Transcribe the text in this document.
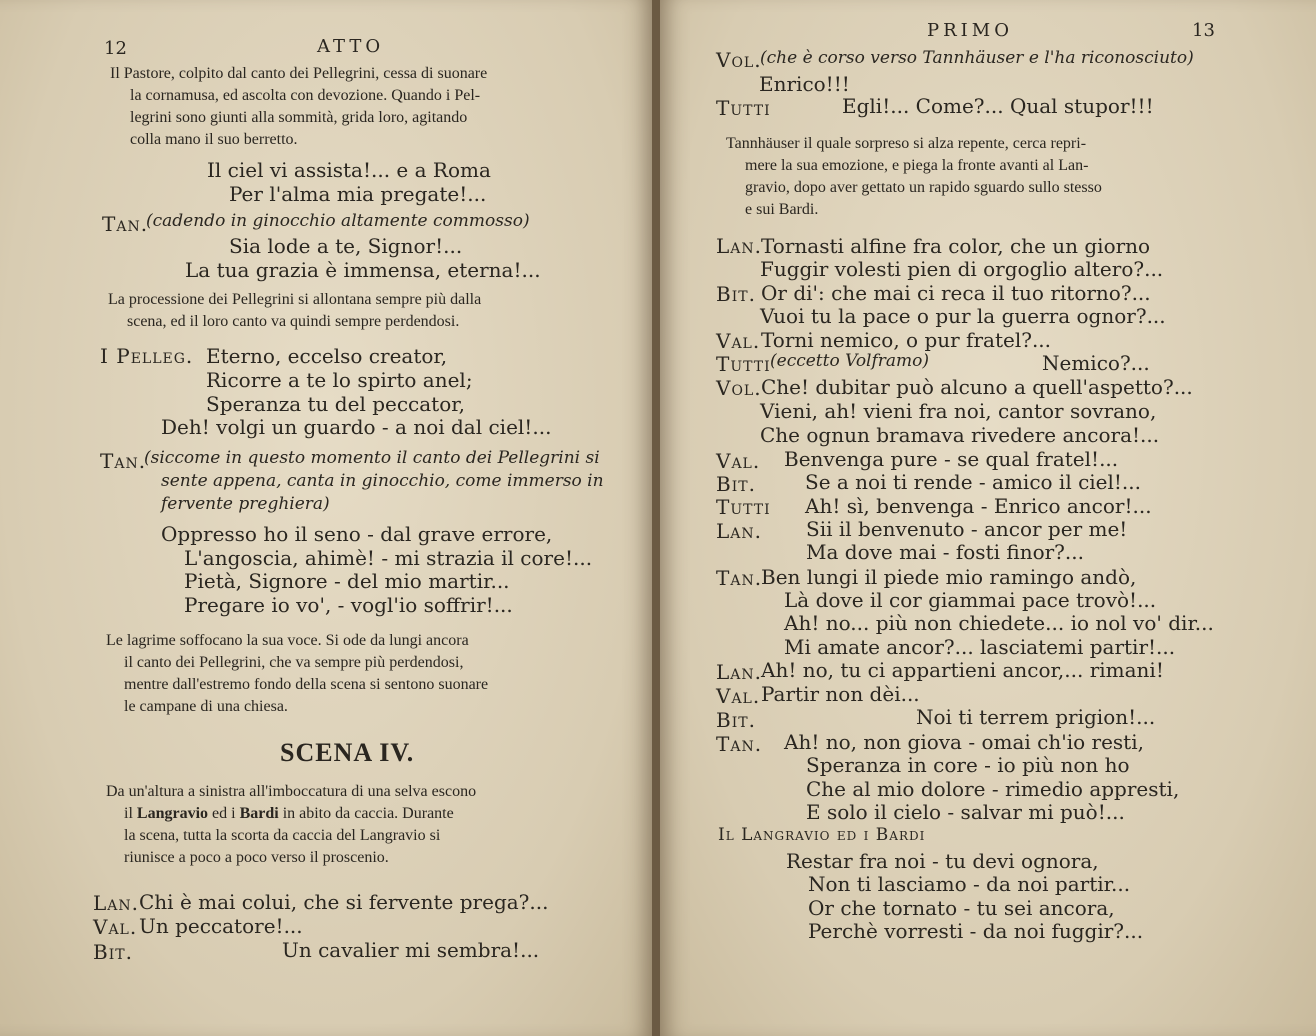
12	ATTO
Il Pastore, colpito dal canto dei Pellegrini, cessa di suonare
la cornamusa, ed ascolta con devozione. Quando i Pel-
legrini sono giunti alla sommità, grida loro, agitando
colla mano il suo berretto.
Il ciel vi assista!... e a Roma
Per l'alma mia pregate!...
Tan.
(cadendo in ginocchio altamente commosso)
Sia lode a te, Signor!...
La tua grazia è immensa, eterna!...
La processione dei Pellegrini si allontana sempre più dalla
scena, ed il loro canto va quindi sempre perdendosi.
I Pelleg. Eterno, eccelso creator,
Ricorre a te lo spirto anel;
Speranza tu del peccator,
Deh! volgi un guardo - a noi dal ciel!...
Tan.
(siccome in questo momento il canto dei Pellegrini si
sente appena, canta in ginocchio, come immerso in
fervente preghiera)
Oppresso ho il seno - dal grave errore,
L'angoscia, ahimè! - mi strazia il core!...
Pietà, Signore - del mio martir...
Pregare io vo', - vogl'io soffrir!...
Le lagrime soffocano la sua voce. Si ode da lungi ancora
il canto dei Pellegrini, che va sempre più perdendosi,
mentre dall'estremo fondo della scena si sentono suonare
le campane di una chiesa.
SCENA IV.
Da un'altura a sinistra all'imboccatura di una selva escono
il Langravio ed i Bardi in abito da caccia. Durante
la scena, tutta la scorta da caccia del Langravio si
riunisce a poco a poco verso il proscenio.
Lan. Chi è mai colui, che si fervente prega?...
Val. Un peccatore!...
Bit.	Un cavalier mi sembra!...
PRIMO	13
Vol.
(che è corso verso Tannhäuser e l'ha riconosciuto)
Enrico!!!
Tutti	Egli!... Come?... Qual stupor!!!
Tannhäuser il quale sorpreso si alza repente, cerca repri-
mere la sua emozione, e piega la fronte avanti al Lan-
gravio, dopo aver gettato un rapido sguardo sullo stesso
e sui Bardi.
Lan. Tornasti alfine fra color, che un giorno
Fuggir volesti pien di orgoglio altero?...
Bit. Or di': che mai ci reca il tuo ritorno?...
Vuoi tu la pace o pur la guerra ognor?...
Val. Torni nemico, o pur fratel?...
Tutti (eccetto Volframo)	Nemico?...
Vol. Che! dubitar può alcuno a quell'aspetto?...
Vieni, ah! vieni fra noi, cantor sovrano,
Che ognun bramava rivedere ancora!...
Val. Benvenga pure - se qual fratel!...
Bit. Se a noi ti rende - amico il ciel!...
Tutti Ah! sì, benvenga - Enrico ancor!...
Lan. Sii il benvenuto - ancor per me!
Ma dove mai - fosti finor?...
Tan.
Ben lungi il piede mio ramingo andò,
Là dove il cor giammai pace trovò!...
Ah! no... più non chiedete... io nol vo' dir...
Mi amate ancor?... lasciatemi partir!...
Lan. Ah! no, tu ci appartieni ancor,... rimani!
Val. Partir non dèi...
Bit.	Noi ti terrem prigion!...
Tan. Ah! no, non giova - omai ch'io resti,
Speranza in core - io più non ho
Che al mio dolore - rimedio appresti,
E solo il cielo - salvar mi può!...
Il Langravio ed i Bardi
Restar fra noi - tu devi ognora,
Non ti lasciamo - da noi partir...
Or che tornato - tu sei ancora,
Perchè vorresti - da noi fuggir?...
